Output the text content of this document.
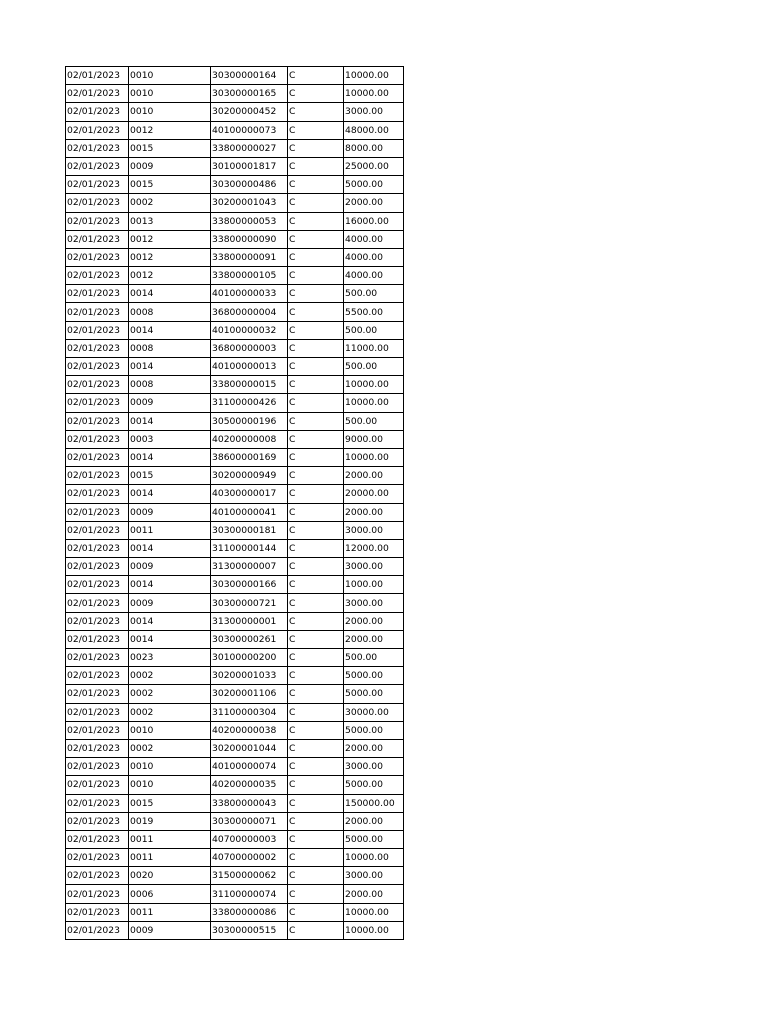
02/01/2023	0010	30300000164	C	10000.00
02/01/2023	0010	30300000165	C	10000.00
02/01/2023	0010	30200000452	C	3000.00
02/01/2023	0012	40100000073	C	48000.00
02/01/2023	0015	33800000027	C	8000.00
02/01/2023	0009	30100001817	C	25000.00
02/01/2023	0015	30300000486	C	5000.00
02/01/2023	0002	30200001043	C	2000.00
02/01/2023	0013	33800000053	C	16000.00
02/01/2023	0012	33800000090	C	4000.00
02/01/2023	0012	33800000091	C	4000.00
02/01/2023	0012	33800000105	C	4000.00
02/01/2023	0014	40100000033	C	500.00
02/01/2023	0008	36800000004	C	5500.00
02/01/2023	0014	40100000032	C	500.00
02/01/2023	0008	36800000003	C	11000.00
02/01/2023	0014	40100000013	C	500.00
02/01/2023	0008	33800000015	C	10000.00
02/01/2023	0009	31100000426	C	10000.00
02/01/2023	0014	30500000196	C	500.00
02/01/2023	0003	40200000008	C	9000.00
02/01/2023	0014	38600000169	C	10000.00
02/01/2023	0015	30200000949	C	2000.00
02/01/2023	0014	40300000017	C	20000.00
02/01/2023	0009	40100000041	C	2000.00
02/01/2023	0011	30300000181	C	3000.00
02/01/2023	0014	31100000144	C	12000.00
02/01/2023	0009	31300000007	C	3000.00
02/01/2023	0014	30300000166	C	1000.00
02/01/2023	0009	30300000721	C	3000.00
02/01/2023	0014	31300000001	C	2000.00
02/01/2023	0014	30300000261	C	2000.00
02/01/2023	0023	30100000200	C	500.00
02/01/2023	0002	30200001033	C	5000.00
02/01/2023	0002	30200001106	C	5000.00
02/01/2023	0002	31100000304	C	30000.00
02/01/2023	0010	40200000038	C	5000.00
02/01/2023	0002	30200001044	C	2000.00
02/01/2023	0010	40100000074	C	3000.00
02/01/2023	0010	40200000035	C	5000.00
02/01/2023	0015	33800000043	C	150000.00
02/01/2023	0019	30300000071	C	2000.00
02/01/2023	0011	40700000003	C	5000.00
02/01/2023	0011	40700000002	C	10000.00
02/01/2023	0020	31500000062	C	3000.00
02/01/2023	0006	31100000074	C	2000.00
02/01/2023	0011	33800000086	C	10000.00
02/01/2023	0009	30300000515	C	10000.00
